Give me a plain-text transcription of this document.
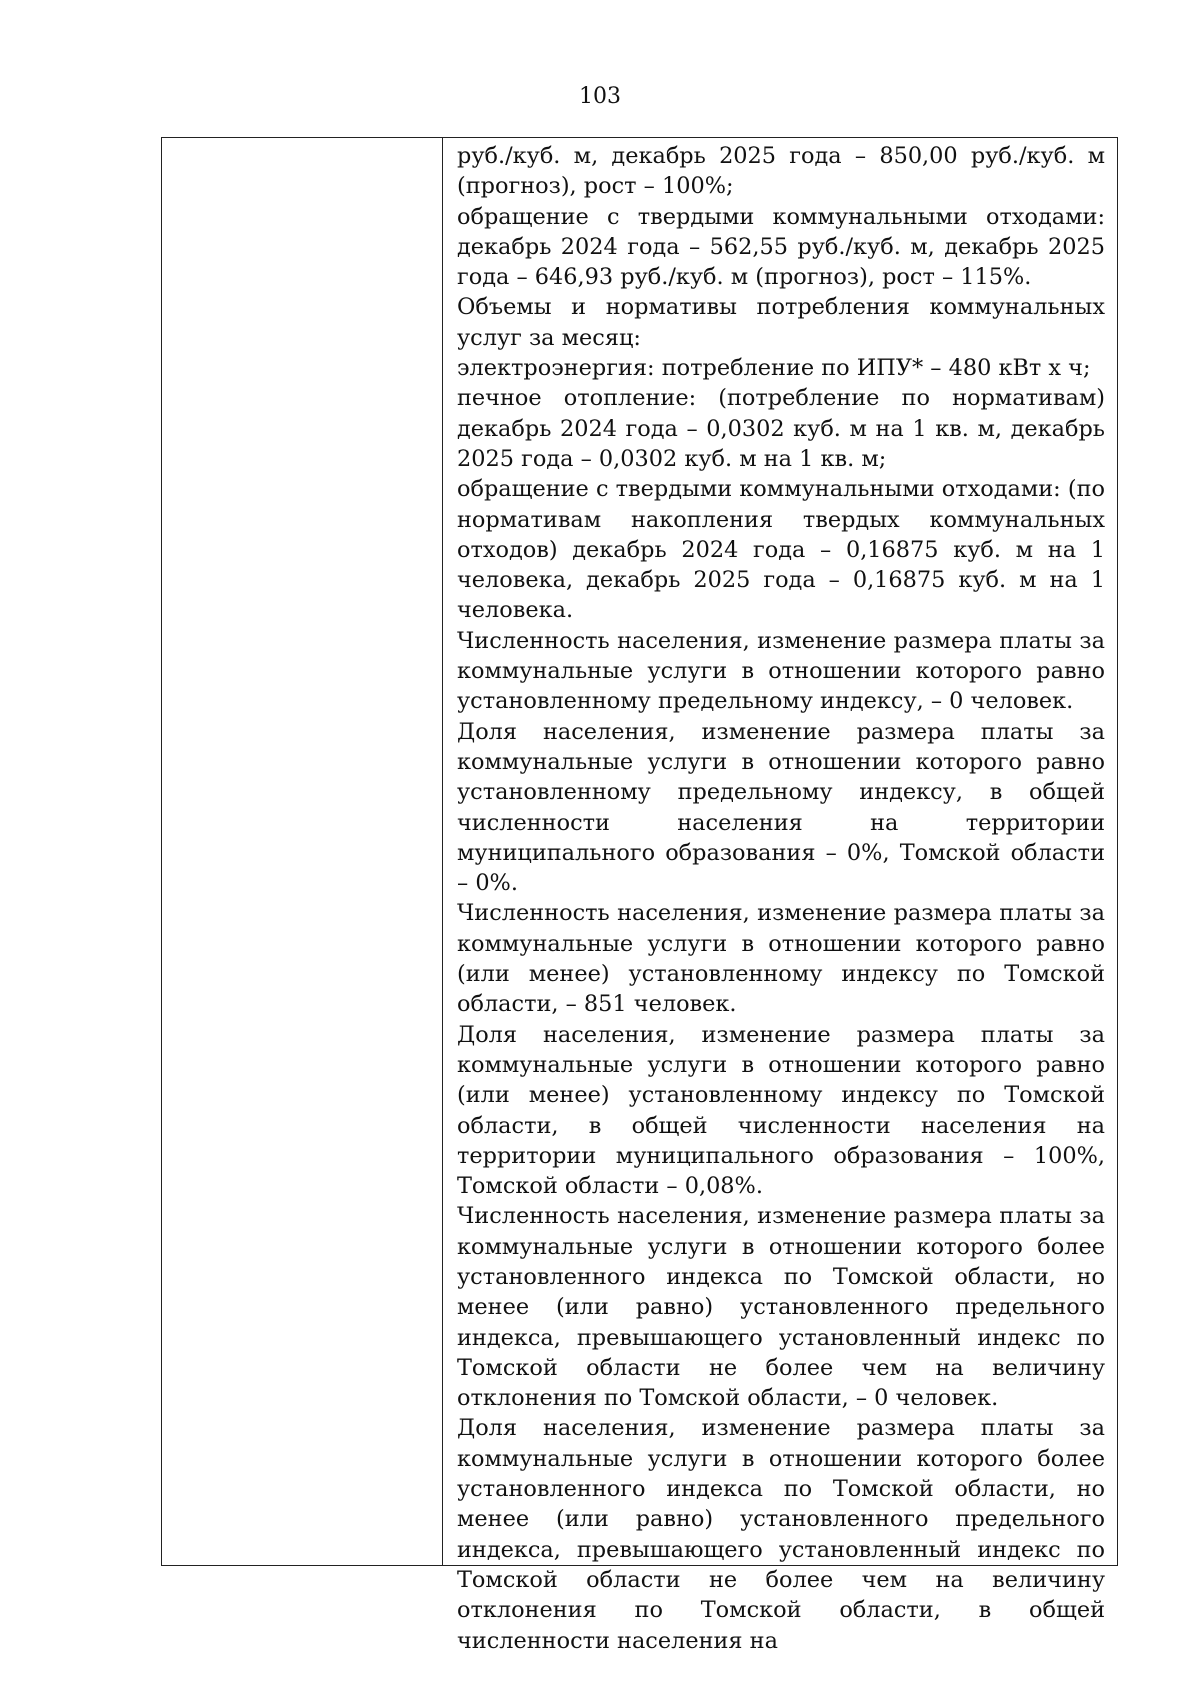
103

руб./куб. м, декабрь 2025 года – 850,00 руб./куб. м (прогноз), рост – 100%;

обращение с твердыми коммунальными отходами: декабрь 2024 года – 562,55 руб./куб. м, декабрь 2025 года – 646,93 руб./куб. м (прогноз), рост – 115%.

Объемы и нормативы потребления коммунальных услуг за месяц:

электроэнергия: потребление по ИПУ* – 480 кВт х ч;

печное отопление: (потребление по нормативам) декабрь 2024 года – 0,0302 куб. м на 1 кв. м, декабрь 2025 года – 0,0302 куб. м на 1 кв. м;

обращение с твердыми коммунальными отходами: (по нормативам накопления твердых коммунальных отходов) декабрь 2024 года – 0,16875 куб. м на 1 человека, декабрь 2025 года – 0,16875 куб. м на 1 человека.

Численность населения, изменение размера платы за коммунальные услуги в отношении которого равно установленному предельному индексу, – 0 человек.

Доля населения, изменение размера платы за коммунальные услуги в отношении которого равно установленному предельному индексу, в общей численности населения на территории муниципального образования – 0%, Томской области – 0%.

Численность населения, изменение размера платы за коммунальные услуги в отношении которого равно (или менее) установленному индексу по Томской области, – 851 человек.

Доля населения, изменение размера платы за коммунальные услуги в отношении которого равно (или менее) установленному индексу по Томской области, в общей численности населения на территории муниципального образования – 100%, Томской области – 0,08%.

Численность населения, изменение размера платы за коммунальные услуги в отношении которого более установленного индекса по Томской области, но менее (или равно) установленного предельного индекса, превышающего установленный индекс по Томской области не более чем на величину отклонения по Томской области, – 0 человек.

Доля населения, изменение размера платы за коммунальные услуги в отношении которого более установленного индекса по Томской области, но менее (или равно) установленного предельного индекса, превышающего установленный индекс по Томской области не более чем на величину отклонения по Томской области, в общей численности населения на
